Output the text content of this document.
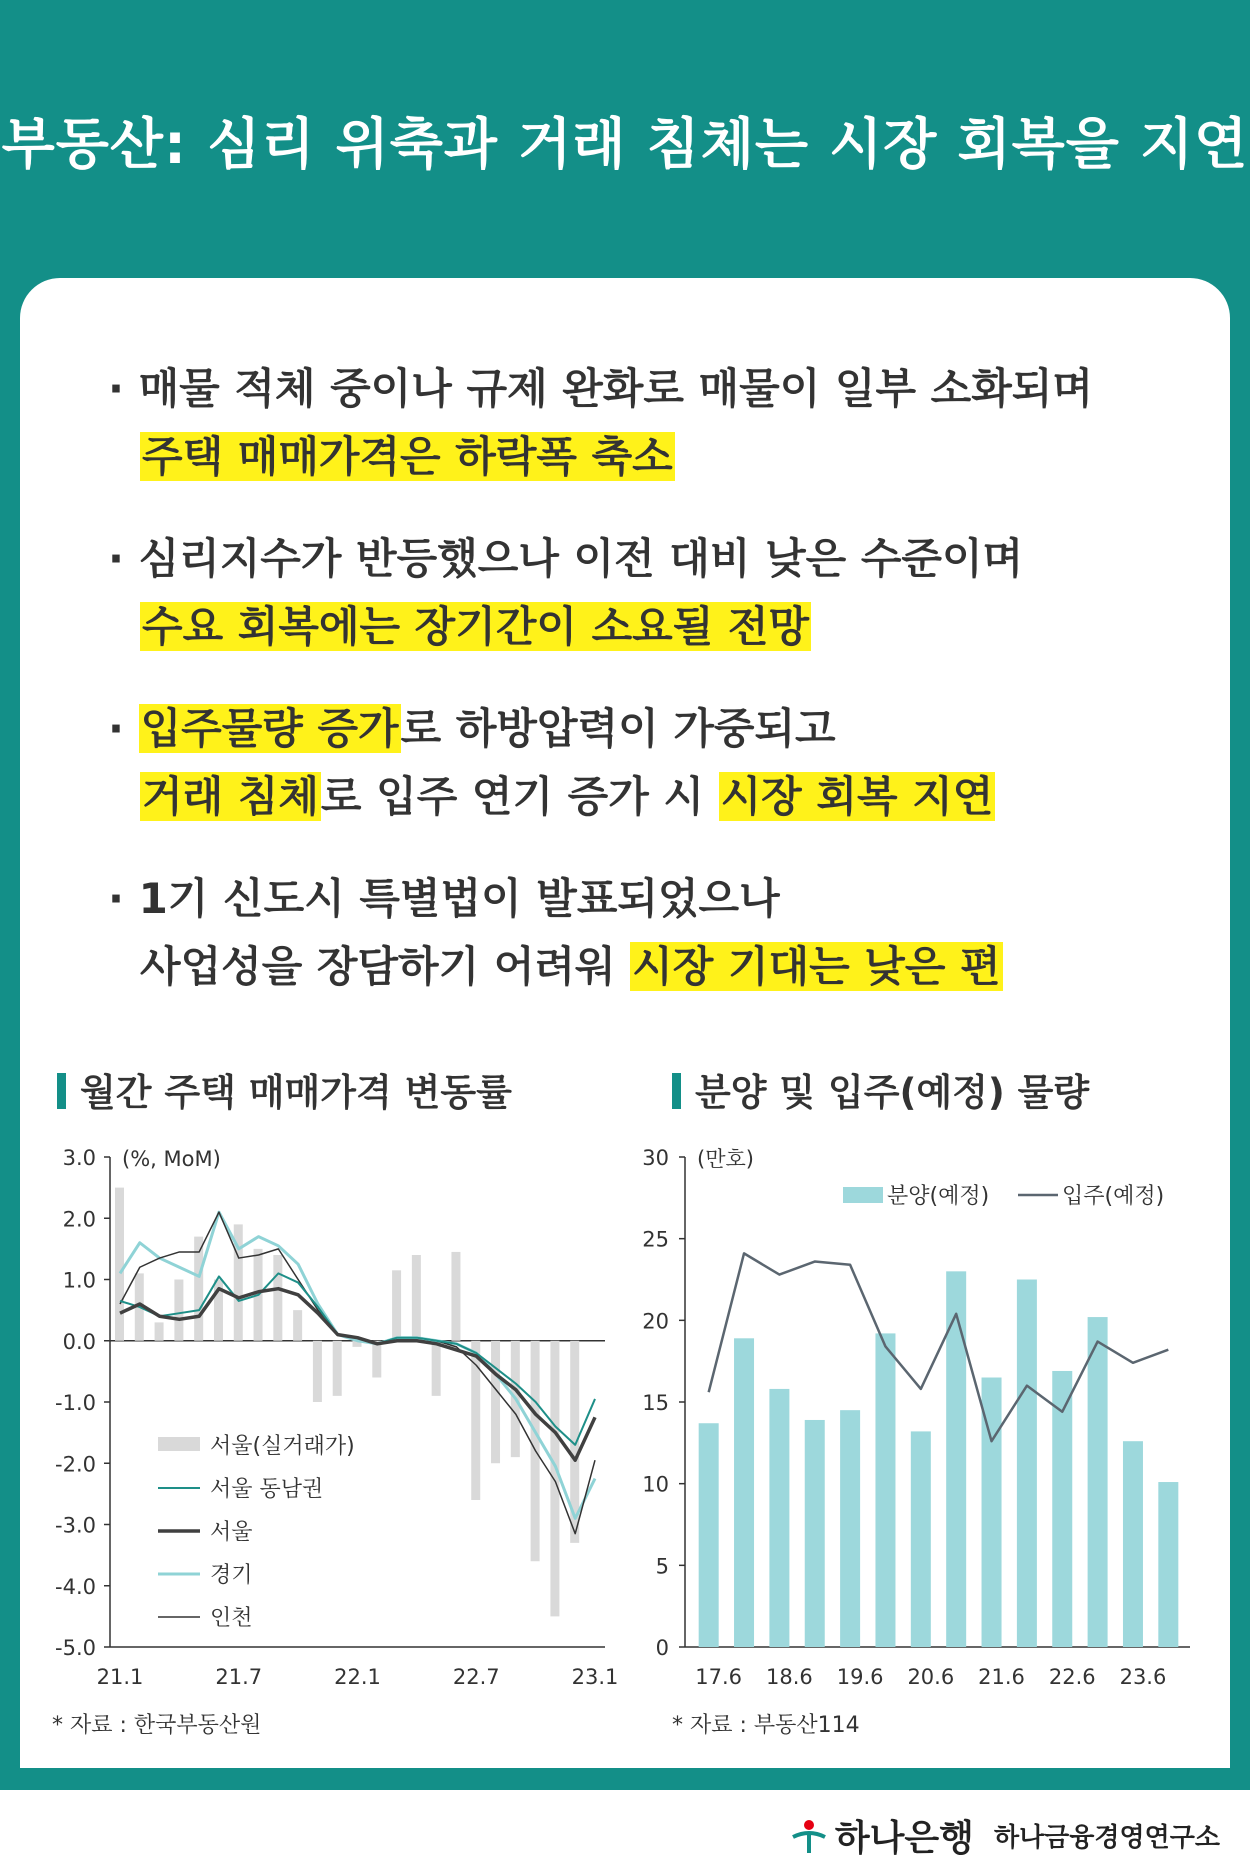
부동산: 심리 위축과 거래 침체는 시장 회복을 지연
· 매물 적체 중이나 규제 완화로 매물이 일부 소화되며
주택 매매가격은 하락폭 축소
· 심리지수가 반등했으나 이전 대비 낮은 수준이며
수요 회복에는 장기간이 소요될 전망
· 입주물량 증가로 하방압력이 가중되고
거래 침체로 입주 연기 증가 시 시장 회복 지연
· 1기 신도시 특별법이 발표되었으나
사업성을 장담하기 어려워 시장 기대는 낮은 편
월간 주택 매매가격 변동률	분양 및 입주(예정) 물량
3.0
2.0
1.0
0.0
-1.0
-2.0
-3.0
-4.0
-5.0
(%, MoM)
21.1	21.7	22.1	22.7	23.1
서울(실거래가)
서울 동남권
서울
경기
인천
30
25
20
15
10
5
0
(만호)
17.6 18.6 19.6 20.6 21.6 22.6 23.6
분양(예정)	입주(예정)
* 자료 : 한국부동산원	* 자료 : 부동산114
하나은행 하나금융경영연구소
